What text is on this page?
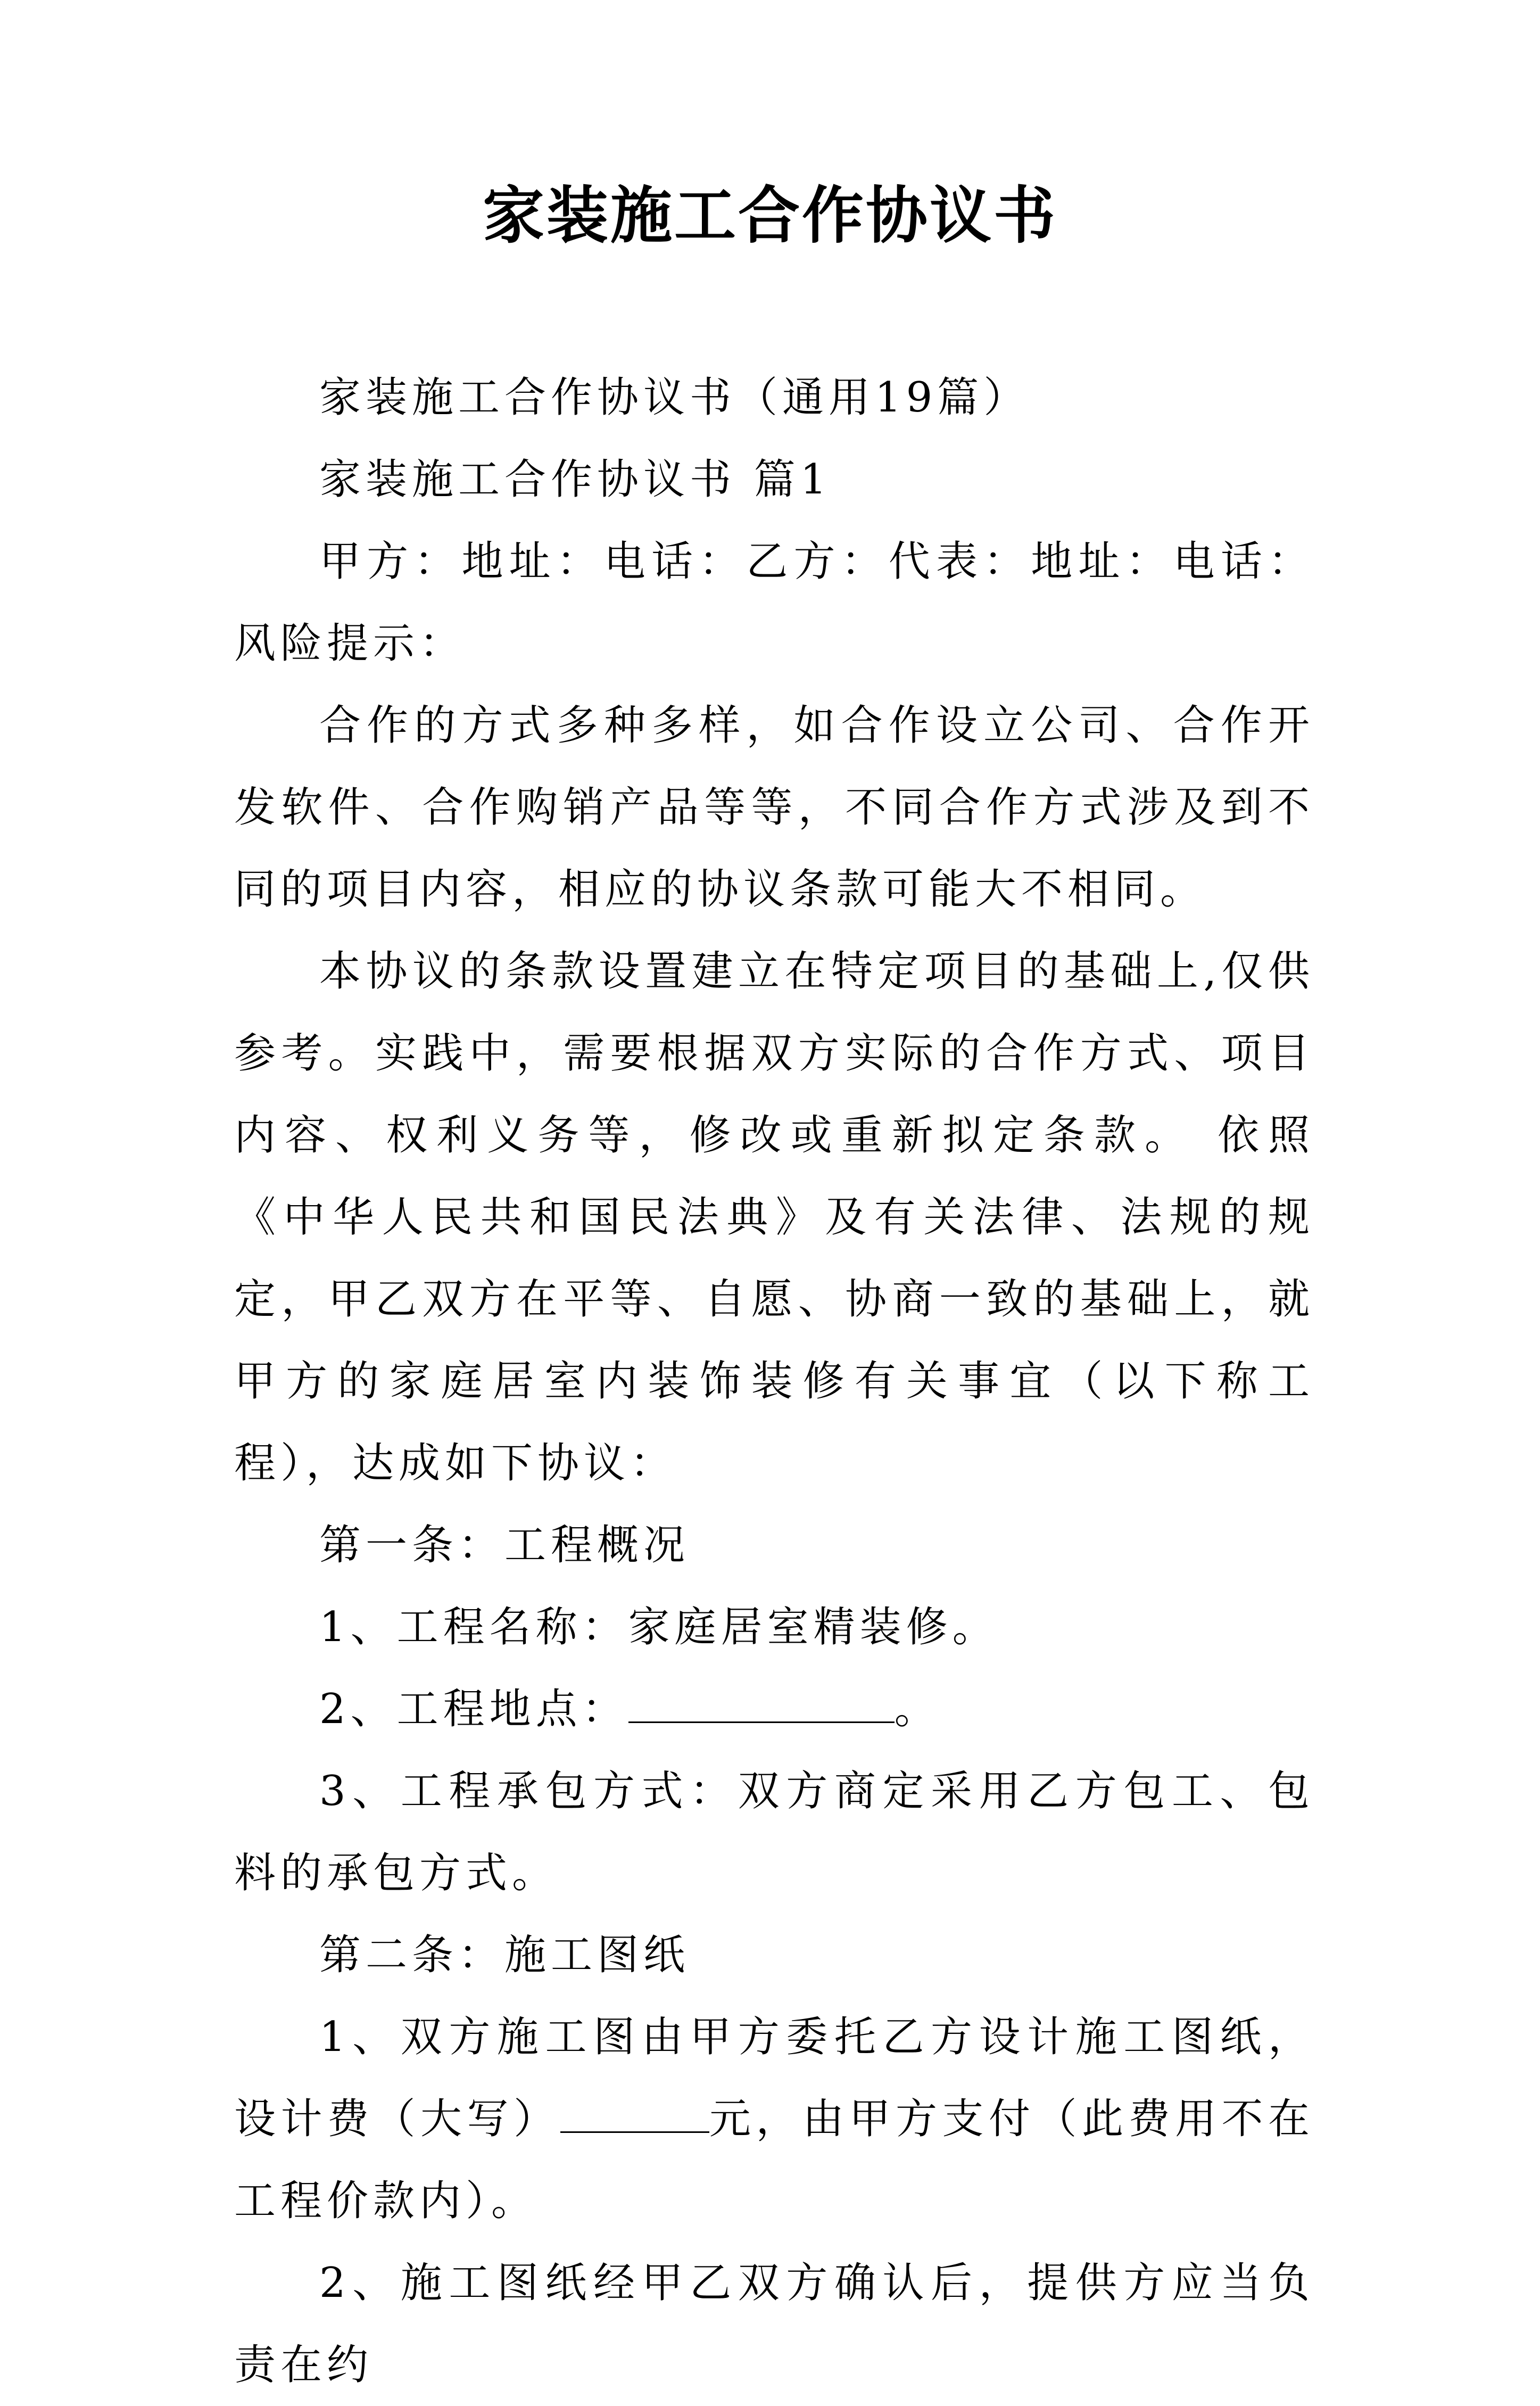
家装施工合作协议书

家装施工合作协议书（通用19篇）

家装施工合作协议书 篇1

甲方：地址：电话：乙方：代表：地址：电话：风险提示：

合作的方式多种多样，如合作设立公司、合作开发软件、合作购销产品等等，不同合作方式涉及到不同的项目内容，相应的协议条款可能大不相同。

本协议的条款设置建立在特定项目的基础上,仅供参考。实践中，需要根据双方实际的合作方式、项目内容、权利义务等，修改或重新拟定条款。 依照《中华人民共和国民法典》及有关法律、法规的规定，甲乙双方在平等、自愿、协商一致的基础上，就甲方的家庭居室内装饰装修有关事宜（以下称工程），达成如下协议：

第一条：工程概况

1、工程名称：家庭居室精装修。

2、工程地点：	。

3、工程承包方式：双方商定采用乙方包工、包料的承包方式。

第二条：施工图纸

1、双方施工图由甲方委托乙方设计施工图纸，设计费（大写）	元，由甲方支付（此费用不在工程价款内）。

2、施工图纸经甲乙双方确认后，提供方应当负责在约
